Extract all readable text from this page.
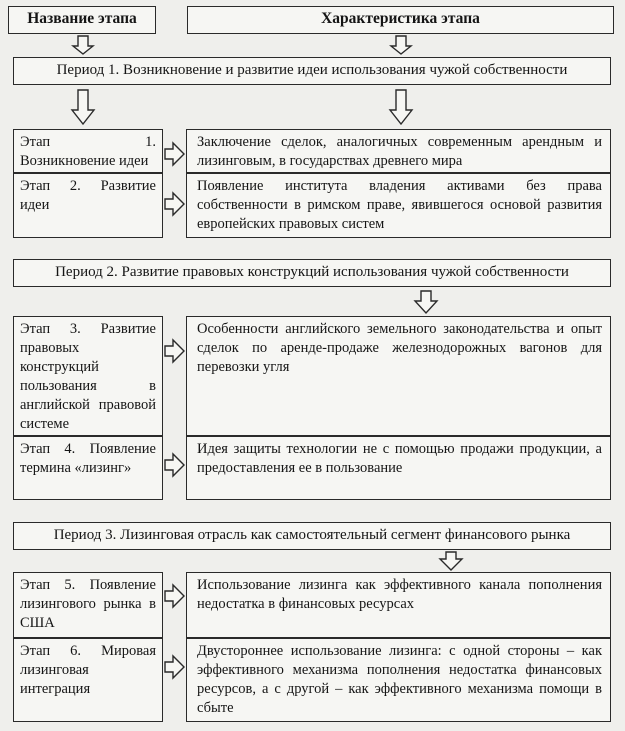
Название этапа	Характеристика этапа
Период 1. Возникновение и развитие идеи использования чужой собственности
Этап 1. Возникновение идеи
Заключение сделок, аналогичных современным арендным и лизинговым, в государствах древнего мира
Этап 2. Развитие идеи
Появление института владения активами без права собственности в римском праве, явившегося основой развития европейских правовых систем
Период 2. Развитие правовых конструкций использования чужой собственности
Этап 3. Развитие правовых конструкций пользования в английской правовой системе
Особенности английского земельного законодательства и опыт сделок по аренде-продаже железнодорожных вагонов для перевозки угля
Этап 4. Появление термина «лизинг»
Идея защиты технологии не с помощью продажи продукции, а предоставления ее в пользование
Период 3. Лизинговая отрасль как самостоятельный сегмент финансового рынка
Этап 5. Появление лизингового рынка в США
Использование лизинга как эффективного канала пополнения недостатка в финансовых ресурсах
Этап 6. Мировая лизинговая интеграция
Двустороннее использование лизинга: с одной стороны – как эффективного механизма пополнения недостатка финансовых ресурсов, а с другой – как эффективного механизма помощи в сбыте
